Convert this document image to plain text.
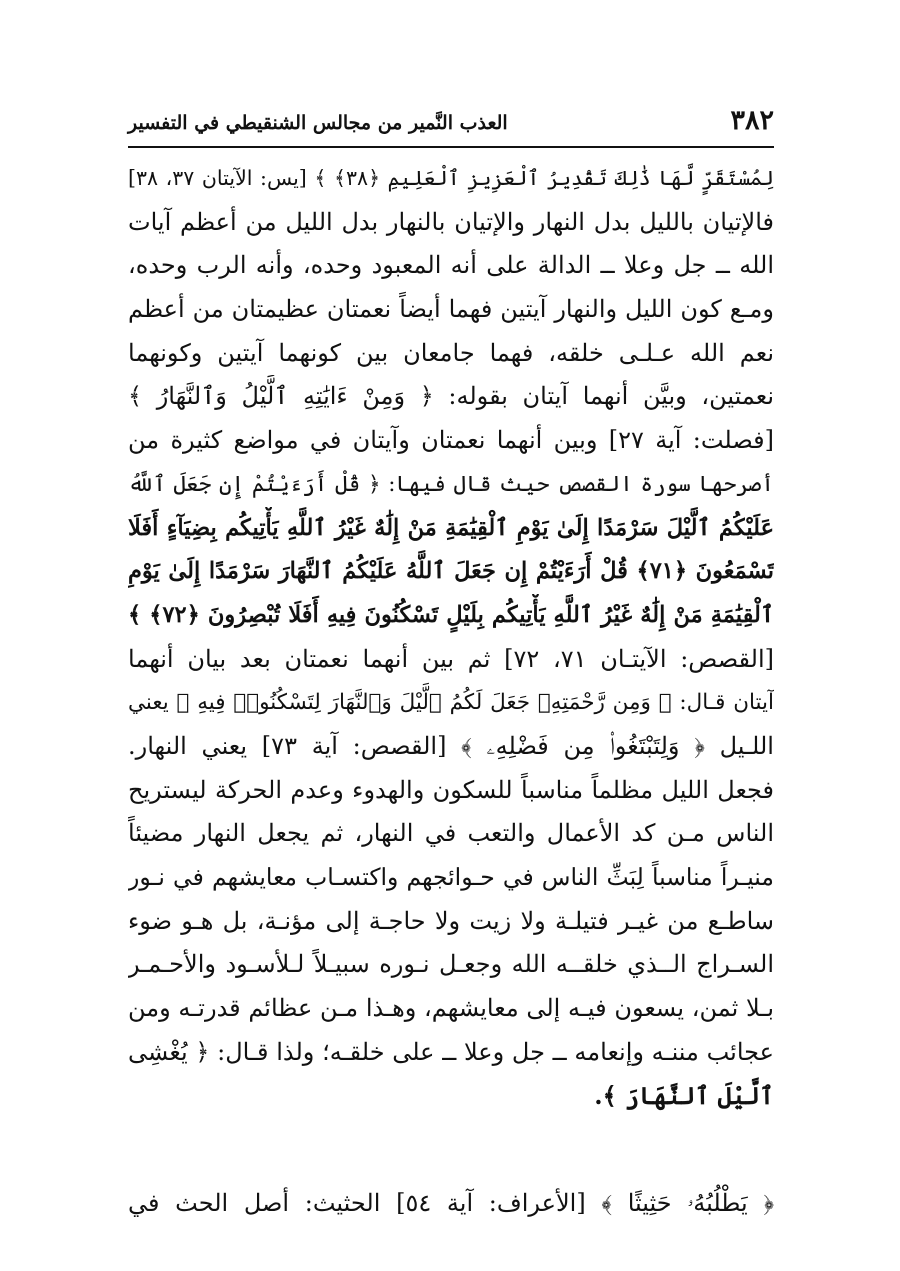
٣٨٢
العذب النَّمير من مجالس الشنقيطي في التفسير
لِمُسْتَقَرٍّ لَّهَا ذَٰلِكَ تَقْدِيرُ ٱلْعَزِيزِ ٱلْعَلِيمِ ﴿٣٨﴾ ﴾ [يس: الآيتان ٣٧، ٣٨]
فالإتيان بالليل بدل النهار والإتيان بالنهار بدل الليل من أعظم آيات
الله ــ جل وعلا ــ الدالة على أنه المعبود وحده، وأنه الرب وحده،
ومـع كون الليل والنهار آيتين فهما أيضاً نعمتان عظيمتان من أعظم
نعم الله عـلـى خلقه، فهما جامعان بين كونهما آيتين وكونهما
نعمتين، وبيَّن أنهما آيتان بقوله: ﴿ وَمِنْ ءَايَٰتِهِ ٱلَّيْلُ وَٱلنَّهَارُ ﴾
[فصلت: آية ٢٧] وبين أنهما نعمتان وآيتان في مواضع كثيرة من
أصرحها سورة القصص حيث قال فيها: ﴿ قُلْ أَرَءَيْتُمْ إِن جَعَلَ ٱللَّهُ
عَلَيْكُمُ ٱلَّيْلَ سَرْمَدًا إِلَىٰ يَوْمِ ٱلْقِيَٰمَةِ مَنْ إِلَٰهٌ غَيْرُ ٱللَّهِ يَأْتِيكُم بِضِيَآءٍ أَفَلَا
تَسْمَعُونَ ﴿٧١﴾ قُلْ أَرَءَيْتُمْ إِن جَعَلَ ٱللَّهُ عَلَيْكُمُ ٱلنَّهَارَ سَرْمَدًا إِلَىٰ يَوْمِ
ٱلْقِيَٰمَةِ مَنْ إِلَٰهٌ غَيْرُ ٱللَّهِ يَأْتِيكُم بِلَيْلٍ تَسْكُنُونَ فِيهِ أَفَلَا تُبْصِرُونَ ﴿٧٢﴾ ﴾
[القصص: الآيتـان ٧١، ٧٢] ثم بين أنهما نعمتان بعد بيان أنهما
آيتان قـال: ﴿ وَمِن رَّحْمَتِهِۦ جَعَلَ لَكُمُ ٱلَّيْلَ وَٱلنَّهَارَ لِتَسْكُنُوا۟ فِيهِ ﴾ يعني
اللـيل ﴿ وَلِتَبْتَغُوا۟ مِن فَضْلِهِۦ ﴾ [القصص: آية ٧٣] يعني النهار.
فجعل الليل مظلماً مناسباً للسكون والهدوء وعدم الحركة ليستريح
الناس مـن كد الأعمال والتعب في النهار، ثم يجعل النهار مضيئاً
منيـراً مناسباً لِبَثِّ الناس في حـوائجهم واكتسـاب معايشهم في نـور
ساطـع من غيـر فتيلـة ولا زيت ولا حاجـة إلى مؤنـة، بل هـو ضوء
السـراج الــذي خلقــه الله وجعـل نـوره سبيـلاً لـلأسـود والأحـمـر
بـلا ثمن، يسعون فيـه إلى معايشهم، وهـذا مـن عظائم قدرتـه ومن
عجائب مننـه وإنعامه ــ جل وعلا ــ على خلقـه؛ ولذا قـال: ﴿ يُغْشِى
ٱلَّيْلَ ٱلنَّهَارَ ﴾.
﴿ يَطْلُبُهُۥ حَثِيثًا ﴾ [الأعراف: آية ٥٤] الحثيث: أصل الحث في
